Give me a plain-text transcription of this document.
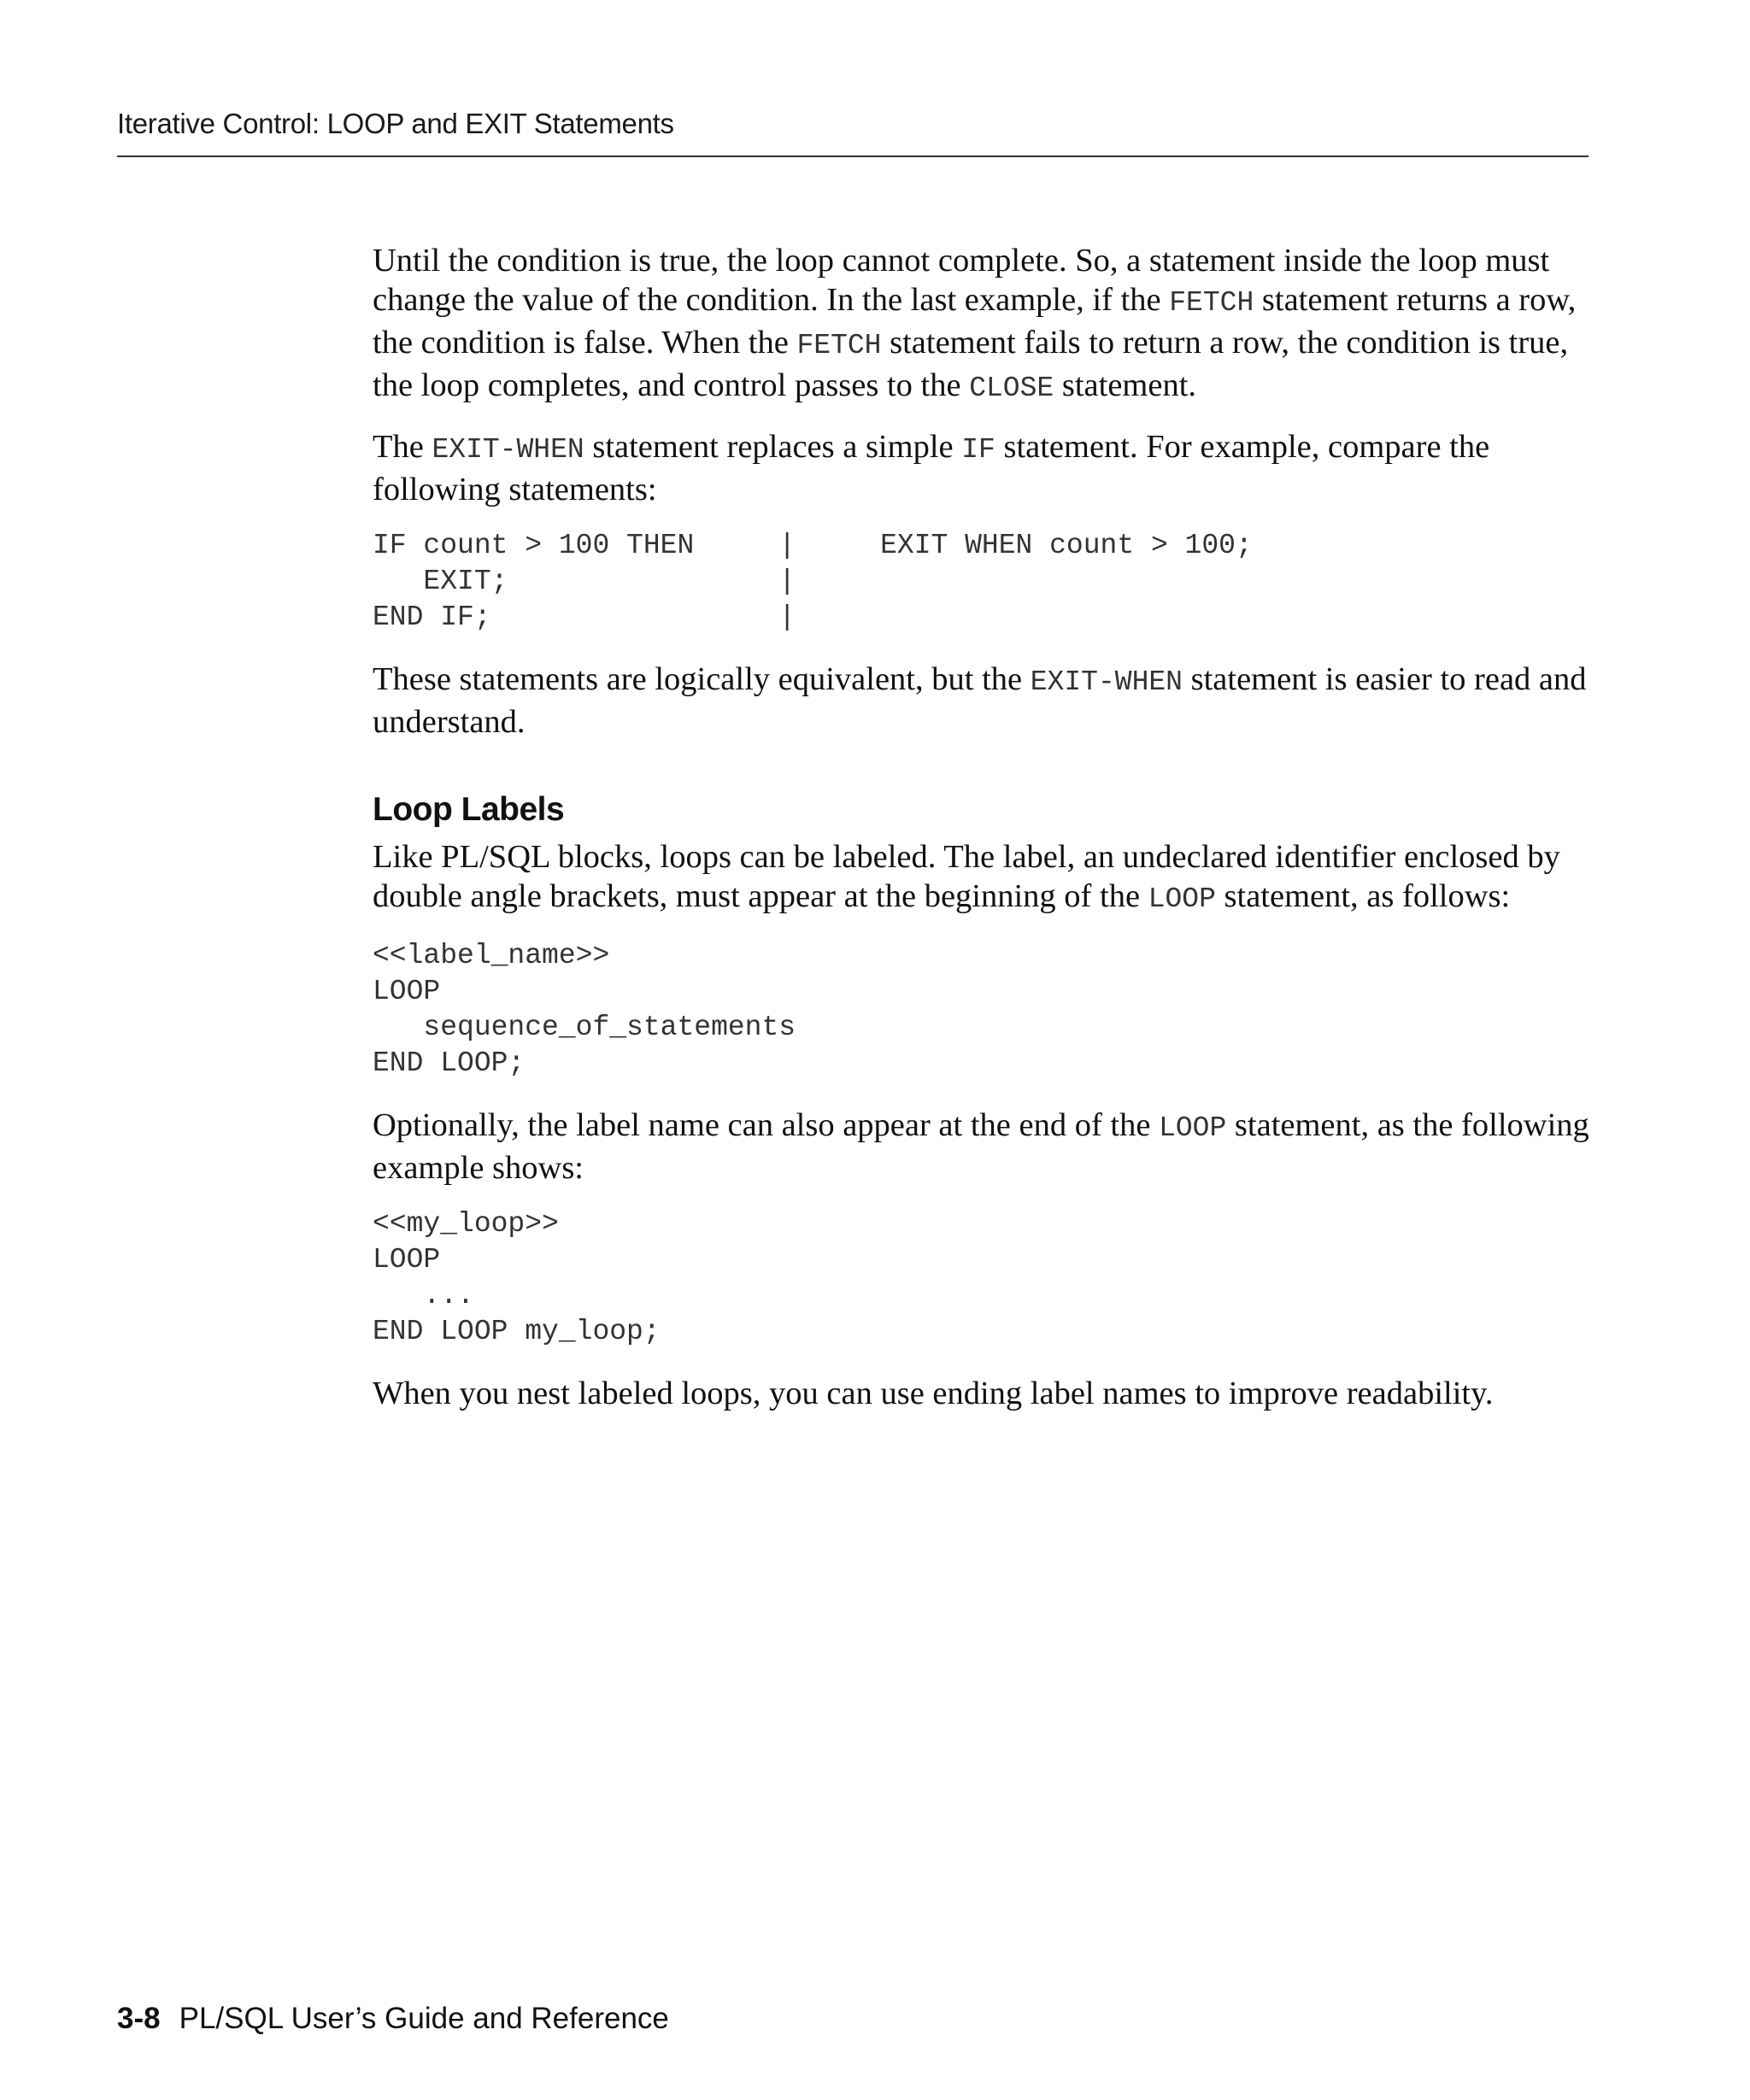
Iterative Control: LOOP and EXIT Statements

Until the condition is true, the loop cannot complete. So, a statement inside the loop must change the value of the condition. In the last example, if the FETCH statement returns a row, the condition is false. When the FETCH statement fails to return a row, the condition is true, the loop completes, and control passes to the CLOSE statement.

The EXIT-WHEN statement replaces a simple IF statement. For example, compare the following statements:

IF count > 100 THEN     |     EXIT WHEN count > 100;
EXIT;                |
END IF;                 |

These statements are logically equivalent, but the EXIT-WHEN statement is easier to read and understand.

Loop Labels

Like PL/SQL blocks, loops can be labeled. The label, an undeclared identifier enclosed by double angle brackets, must appear at the beginning of the LOOP statement, as follows:

<<label_name>>
LOOP
sequence_of_statements
END LOOP;

Optionally, the label name can also appear at the end of the LOOP statement, as the following example shows:

<<my_loop>>
LOOP
...
END LOOP my_loop;

When you nest labeled loops, you can use ending label names to improve readability.

3-8 PL/SQL User’s Guide and Reference
